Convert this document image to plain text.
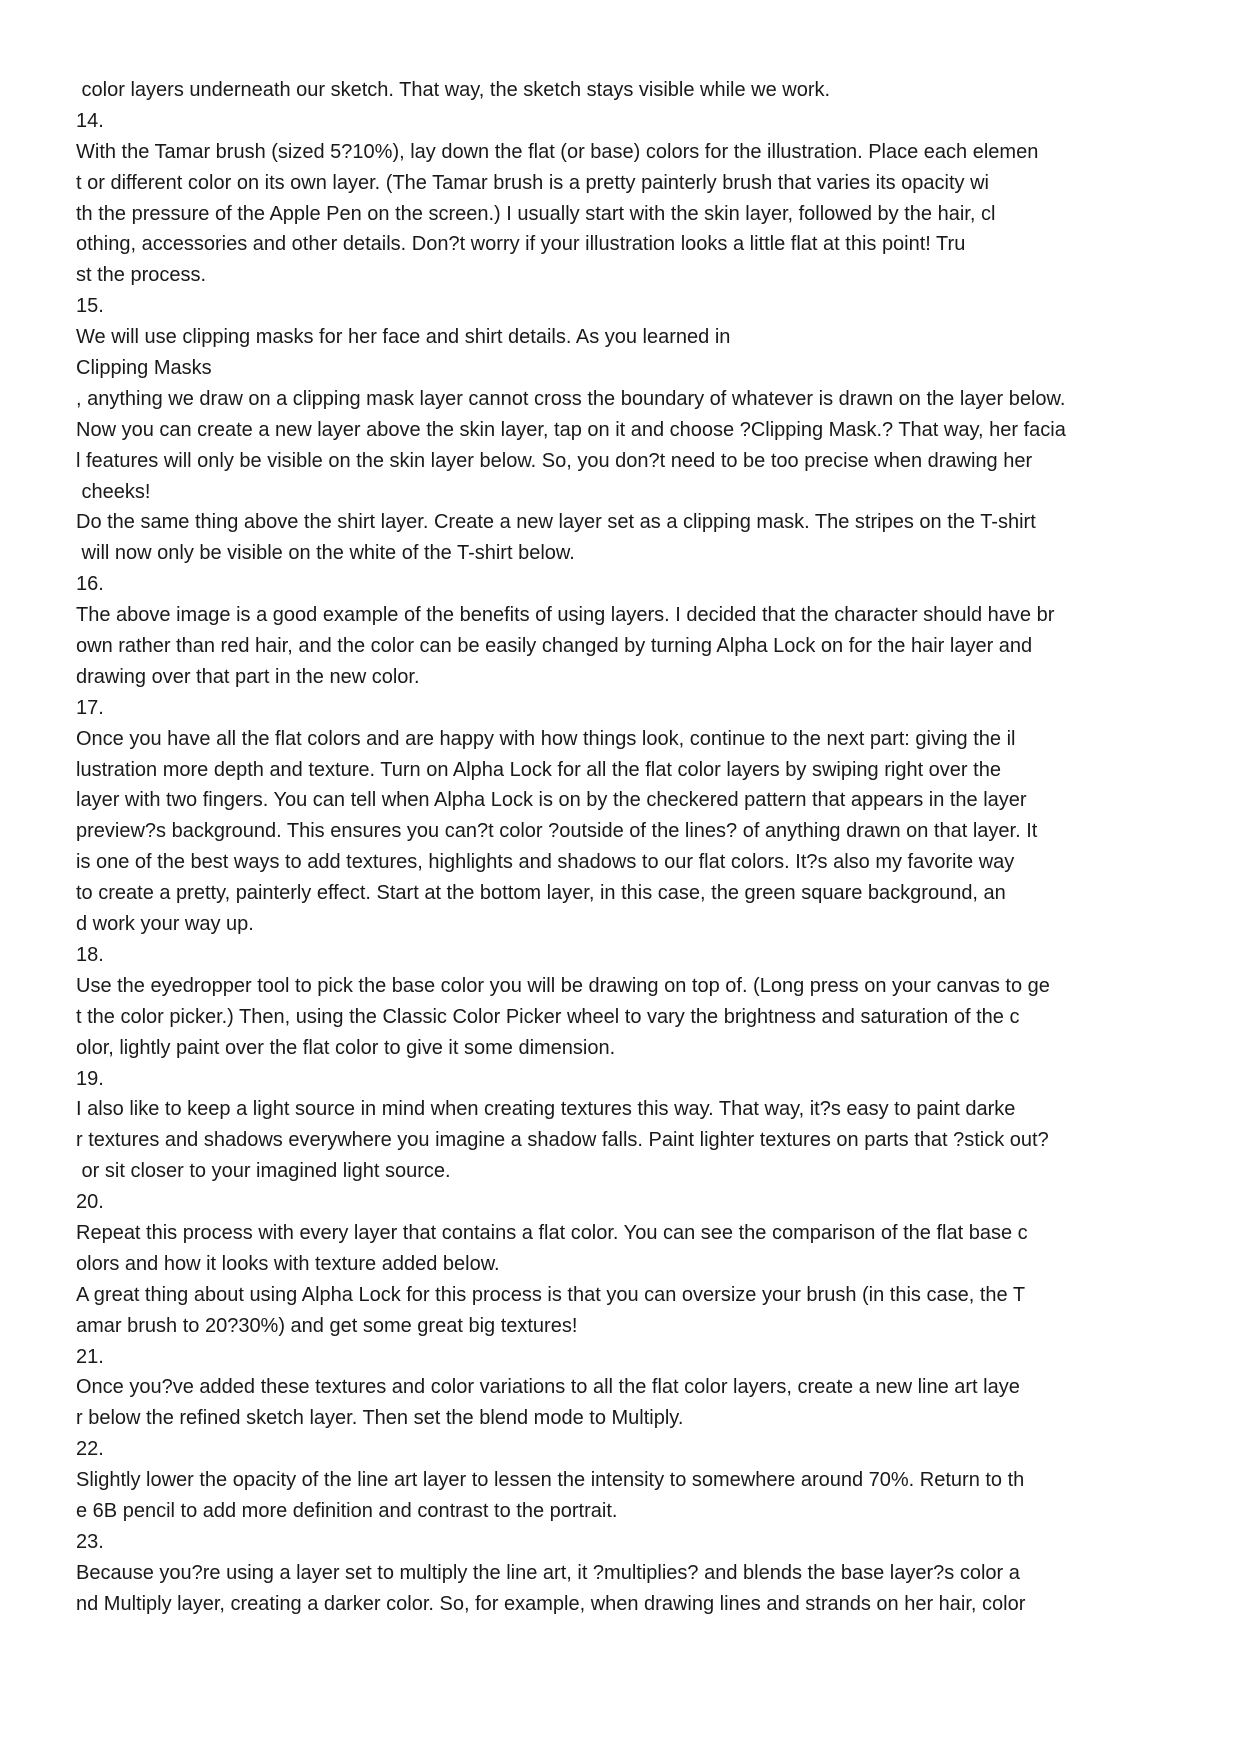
color layers underneath our sketch. That way, the sketch stays visible while we work.
14.
With the Tamar brush (sized 5?10%), lay down the flat (or base) colors for the illustration. Place each elemen
t or different color on its own layer. (The Tamar brush is a pretty painterly brush that varies its opacity wi
th the pressure of the Apple Pen on the screen.) I usually start with the skin layer, followed by the hair, cl
othing, accessories and other details. Don?t worry if your illustration looks a little flat at this point! Tru
st the process.
15.
We will use clipping masks for her face and shirt details. As you learned in
Clipping Masks
, anything we draw on a clipping mask layer cannot cross the boundary of whatever is drawn on the layer below.
Now you can create a new layer above the skin layer, tap on it and choose ?Clipping Mask.? That way, her facia
l features will only be visible on the skin layer below. So, you don?t need to be too precise when drawing her
cheeks!
Do the same thing above the shirt layer. Create a new layer set as a clipping mask. The stripes on the T-shirt
will now only be visible on the white of the T-shirt below.
16.
The above image is a good example of the benefits of using layers. I decided that the character should have br
own rather than red hair, and the color can be easily changed by turning Alpha Lock on for the hair layer and
drawing over that part in the new color.
17.
Once you have all the flat colors and are happy with how things look, continue to the next part: giving the il
lustration more depth and texture. Turn on Alpha Lock for all the flat color layers by swiping right over the
layer with two fingers. You can tell when Alpha Lock is on by the checkered pattern that appears in the layer
preview?s background. This ensures you can?t color ?outside of the lines? of anything drawn on that layer. It
is one of the best ways to add textures, highlights and shadows to our flat colors. It?s also my favorite way
to create a pretty, painterly effect. Start at the bottom layer, in this case, the green square background, an
d work your way up.
18.
Use the eyedropper tool to pick the base color you will be drawing on top of. (Long press on your canvas to ge
t the color picker.) Then, using the Classic Color Picker wheel to vary the brightness and saturation of the c
olor, lightly paint over the flat color to give it some dimension.
19.
I also like to keep a light source in mind when creating textures this way. That way, it?s easy to paint darke
r textures and shadows everywhere you imagine a shadow falls. Paint lighter textures on parts that ?stick out?
or sit closer to your imagined light source.
20.
Repeat this process with every layer that contains a flat color. You can see the comparison of the flat base c
olors and how it looks with texture added below.
A great thing about using Alpha Lock for this process is that you can oversize your brush (in this case, the T
amar brush to 20?30%) and get some great big textures!
21.
Once you?ve added these textures and color variations to all the flat color layers, create a new line art laye
r below the refined sketch layer. Then set the blend mode to Multiply.
22.
Slightly lower the opacity of the line art layer to lessen the intensity to somewhere around 70%. Return to th
e 6B pencil to add more definition and contrast to the portrait.
23.
Because you?re using a layer set to multiply the line art, it ?multiplies? and blends the base layer?s color a
nd Multiply layer, creating a darker color. So, for example, when drawing lines and strands on her hair, color
